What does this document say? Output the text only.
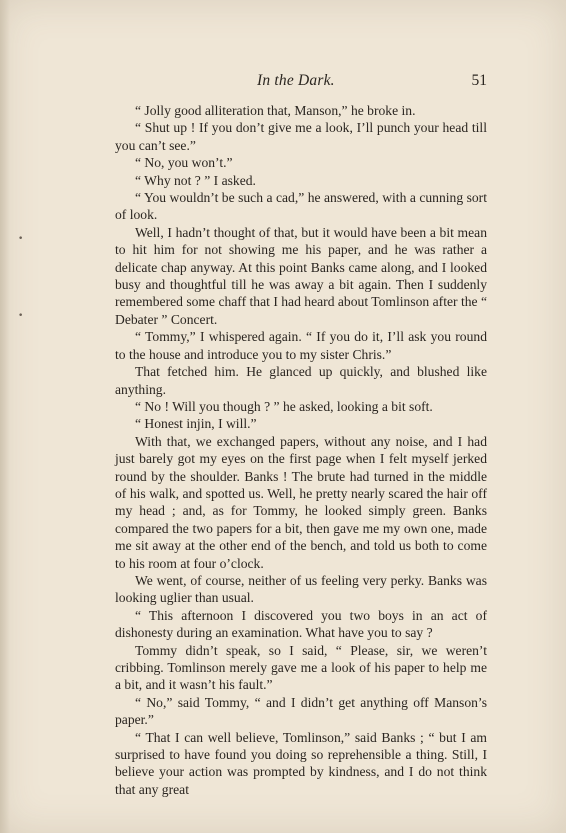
In the Dark.	51
•
•

“ Jolly good alliteration that, Manson,” he broke in.

“ Shut up ! If you don’t give me a look, I’ll punch your head till you can’t see.”

“ No, you won’t.”

“ Why not ? ” I asked.

“ You wouldn’t be such a cad,” he answered, with a cunning sort of look.

Well, I hadn’t thought of that, but it would have been a bit mean to hit him for not showing me his paper, and he was rather a delicate chap anyway. At this point Banks came along, and I looked busy and thoughtful till he was away a bit again. Then I suddenly remembered some chaff that I had heard about Tomlinson after the “ Debater ” Concert.

“ Tommy,” I whispered again. “ If you do it, I’ll ask you round to the house and introduce you to my sister Chris.”

That fetched him. He glanced up quickly, and blushed like anything.

“ No ! Will you though ? ” he asked, looking a bit soft.

“ Honest injin, I will.”

With that, we exchanged papers, without any noise, and I had just barely got my eyes on the first page when I felt myself jerked round by the shoulder. Banks ! The brute had turned in the middle of his walk, and spotted us. Well, he pretty nearly scared the hair off my head ; and, as for Tommy, he looked simply green. Banks compared the two papers for a bit, then gave me my own one, made me sit away at the other end of the bench, and told us both to come to his room at four o’clock.

We went, of course, neither of us feeling very perky. Banks was looking uglier than usual.

“ This afternoon I discovered you two boys in an act of dishonesty during an examination. What have you to say ?

Tommy didn’t speak, so I said, “ Please, sir, we weren’t cribbing. Tomlinson merely gave me a look of his paper to help me a bit, and it wasn’t his fault.”

“ No,” said Tommy, “ and I didn’t get anything off Manson’s paper.”

“ That I can well believe, Tomlinson,” said Banks ; “ but I am surprised to have found you doing so reprehensible a thing. Still, I believe your action was prompted by kindness, and I do not think that any great
